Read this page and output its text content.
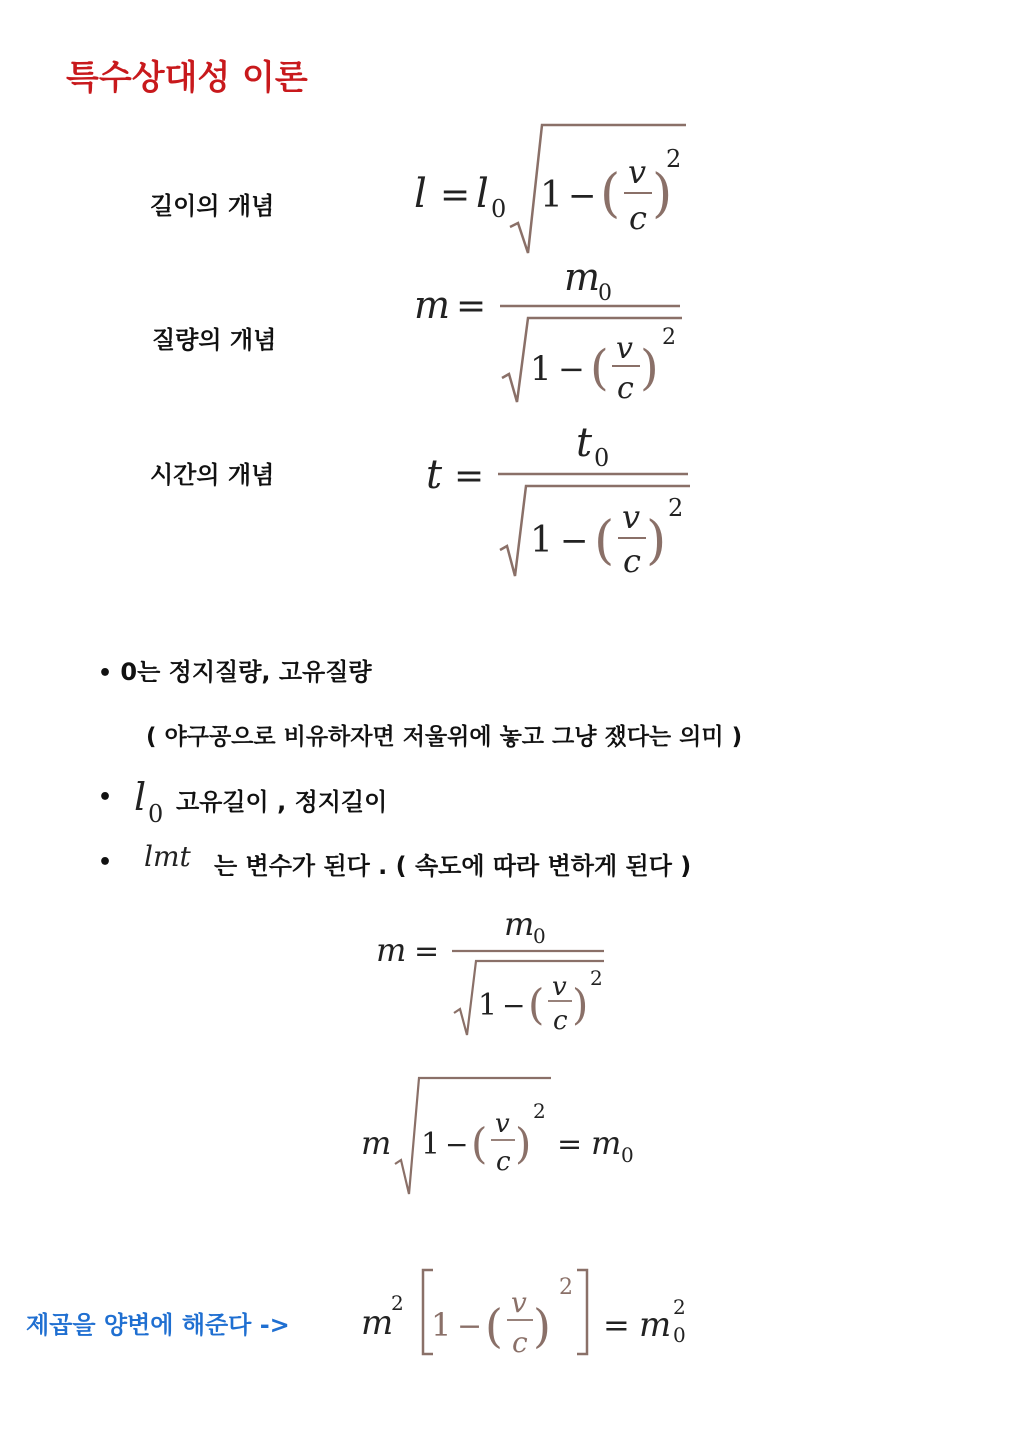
특수상대성 이론
길이의 개념
질량의 개념
시간의 개념
l = l 0 1 − ( v
c )
2
m =
m
0
1 − ( v
c )
2
t =
t 0
1 − ( v
c )
2
• 0는 정지질량, 고유질량
( 야구공으로 비유하자면 저울위에 놓고 그냥 쟀다는 의미 )
• l 0 고유길이 , 정지길이
• lmt 는 변수가 된다 . ( 속도에 따라 변하게 된다 )
m =
m
0
1 − ( v
c )
2
m 1 − ( v
c )
2
= m 0
제곱을 양변에 해준다 -> m
2
1 − ( v
c )
2
= m 2
0
